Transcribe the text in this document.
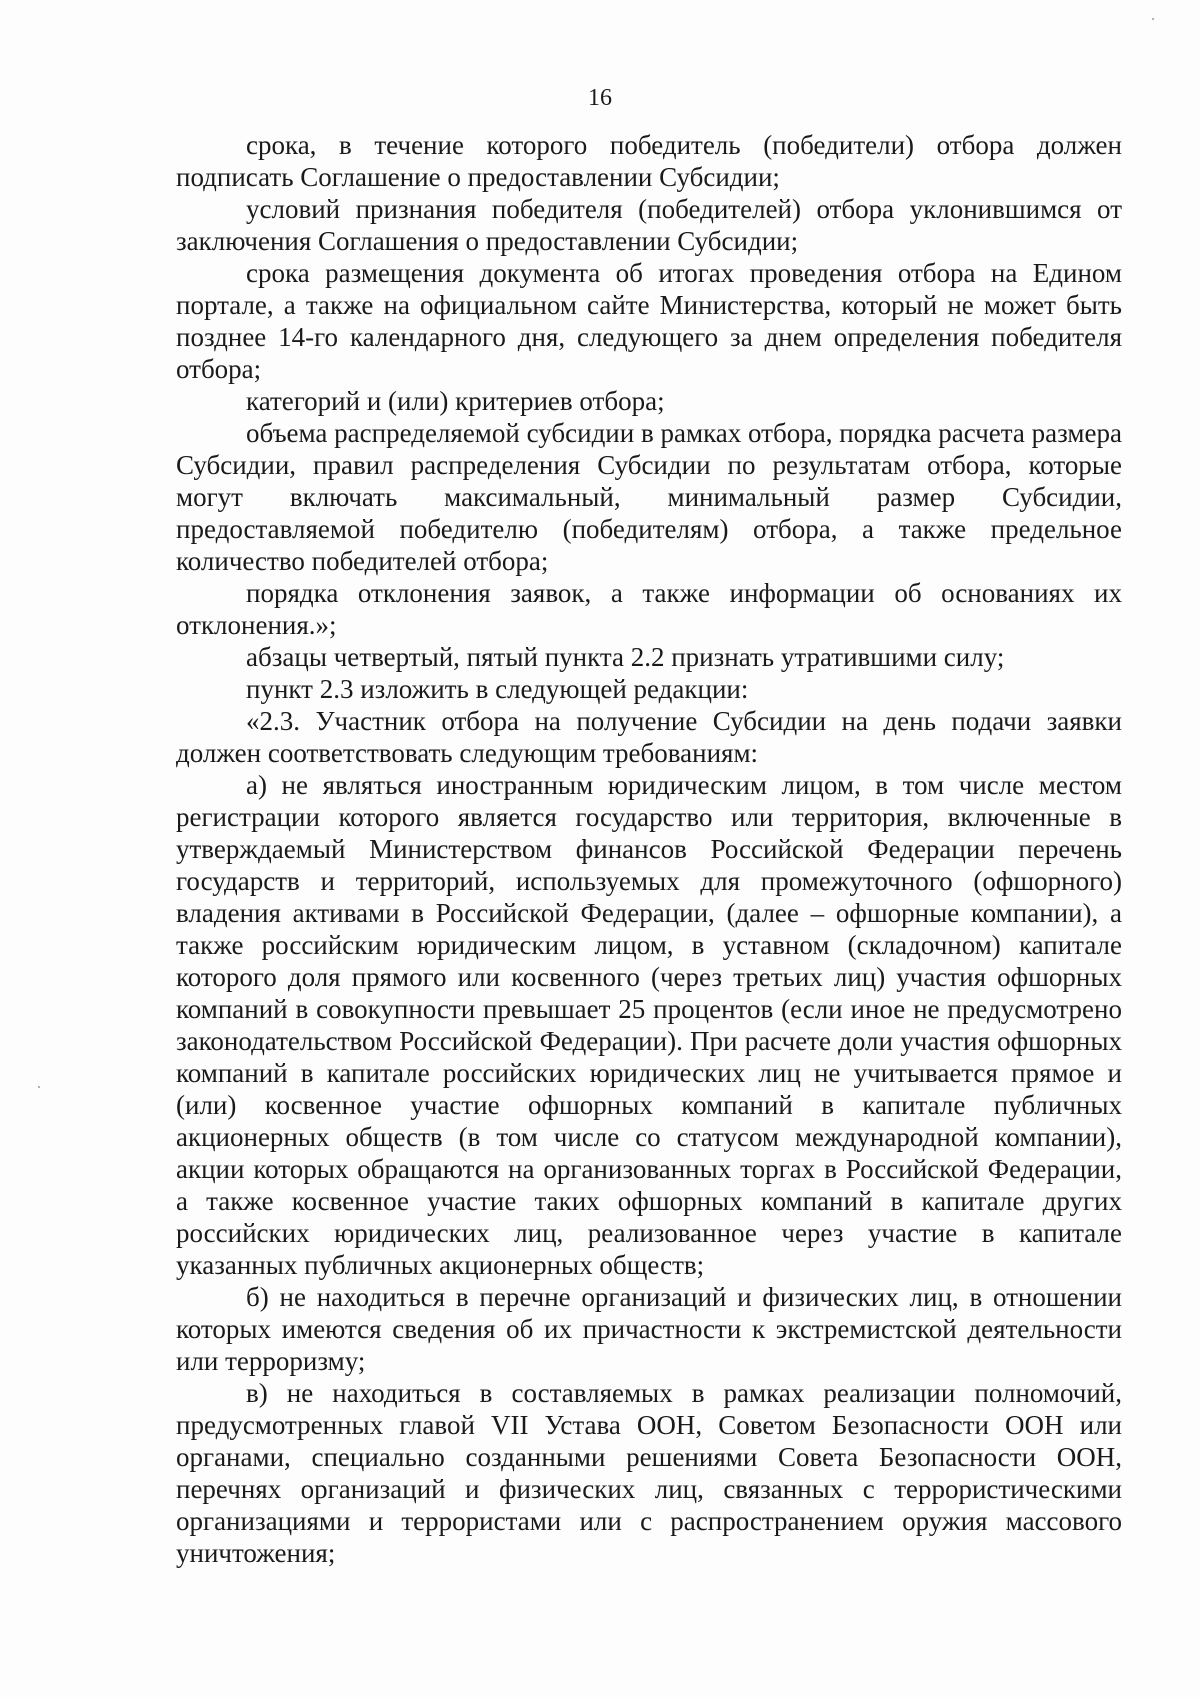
16

срока, в течение которого победитель (победители) отбора должен подписать Соглашение о предоставлении Субсидии;

условий признания победителя (победителей) отбора уклонившимся от заключения Соглашения о предоставлении Субсидии;

срока размещения документа об итогах проведения отбора на Едином портале, а также на официальном сайте Министерства, который не может быть позднее 14-го календарного дня, следующего за днем определения победителя отбора;

категорий и (или) критериев отбора;

объема распределяемой субсидии в рамках отбора, порядка расчета размера Субсидии, правил распределения Субсидии по результатам отбора, которые могут включать максимальный, минимальный размер Субсидии, предоставляемой победителю (победителям) отбора, а также предельное количество победителей отбора;

порядка отклонения заявок, а также информации об основаниях их отклонения.»;

абзацы четвертый, пятый пункта 2.2 признать утратившими силу;

пункт 2.3 изложить в следующей редакции:

«2.3. Участник отбора на получение Субсидии на день подачи заявки должен соответствовать следующим требованиям:

а) не являться иностранным юридическим лицом, в том числе местом регистрации которого является государство или территория, включенные в утверждаемый Министерством финансов Российской Федерации перечень государств и территорий, используемых для промежуточного (офшорного) владения активами в Российской Федерации, (далее – офшорные компании), а также российским юридическим лицом, в уставном (складочном) капитале которого доля прямого или косвенного (через третьих лиц) участия офшорных компаний в совокупности превышает 25 процентов (если иное не предусмотрено законодательством Российской Федерации). При расчете доли участия офшорных компаний в капитале российских юридических лиц не учитывается прямое и (или) косвенное участие офшорных компаний в капитале публичных акционерных обществ (в том числе со статусом международной компании), акции которых обращаются на организованных торгах в Российской Федерации, а также косвенное участие таких офшорных компаний в капитале других российских юридических лиц, реализованное через участие в капитале указанных публичных акционерных обществ;

б) не находиться в перечне организаций и физических лиц, в отношении которых имеются сведения об их причастности к экстремистской деятельности или терроризму;

в) не находиться в составляемых в рамках реализации полномочий, предусмотренных главой VII Устава ООН, Советом Безопасности ООН или органами, специально созданными решениями Совета Безопасности ООН, перечнях организаций и физических лиц, связанных с террористическими организациями и террористами или с распространением оружия массового уничтожения;
